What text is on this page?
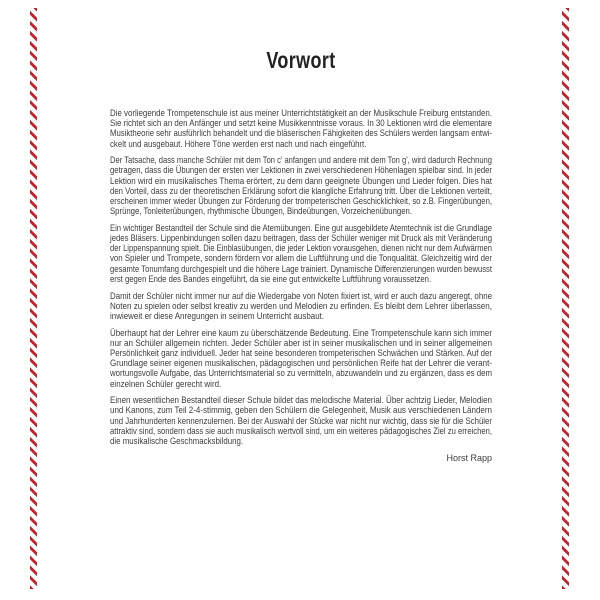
Vorwort
Die vorliegende Trompetenschule ist aus meiner Unterrichtstätigkeit an der Musikschule Freiburg entstanden.
Sie richtet sich an den Anfänger und setzt keine Musikkenntnisse voraus. In 30 Lektionen wird die elementare
Musiktheorie sehr ausführlich behandelt und die bläserischen Fähigkeiten des Schülers werden langsam entwi-
ckelt und ausgebaut. Höhere Töne werden erst nach und nach eingeführt.
Der Tatsache, dass manche Schüler mit dem Ton c' anfangen und andere mit dem Ton g', wird dadurch Rechnung
getragen, dass die Übungen der ersten vier Lektionen in zwei verschiedenen Höhenlagen spielbar sind. In jeder
Lektion wird ein musikalisches Thema erörtert, zu dem dann geeignete Übungen und Lieder folgen. Dies hat
den Vorteil, dass zu der theoretischen Erklärung sofort die klangliche Erfahrung tritt. Über die Lektionen verteilt,
erscheinen immer wieder Übungen zur Förderung der trompeterischen Geschicklichkeit, so z.B. Fingerübungen,
Sprünge, Tonleiterübungen, rhythmische Übungen, Bindeübungen, Vorzeichenübungen.
Ein wichtiger Bestandteil der Schule sind die Atemübungen. Eine gut ausgebildete Atemtechnik ist die Grundlage
jedes Bläsers. Lippenbindungen sollen dazu beitragen, dass der Schüler weniger mit Druck als mit Veränderung
der Lippenspannung spielt. Die Einblasübungen, die jeder Lektion vorausgehen, dienen nicht nur dem Aufwärmen
von Spieler und Trompete, sondern fördern vor allem die Luftführung und die Tonqualität. Gleichzeitig wird der
gesamte Tonumfang durchgespielt und die höhere Lage trainiert. Dynamische Differenzierungen wurden bewusst
erst gegen Ende des Bandes eingeführt, da sie eine gut entwickelte Luftführung voraussetzen.
Damit der Schüler nicht immer nur auf die Wiedergabe von Noten fixiert ist, wird er auch dazu angeregt, ohne
Noten zu spielen oder selbst kreativ zu werden und Melodien zu erfinden. Es bleibt dem Lehrer überlassen,
inwieweit er diese Anregungen in seinem Unterricht ausbaut.
Überhaupt hat der Lehrer eine kaum zu überschätzende Bedeutung. Eine Trompetenschule kann sich immer
nur an Schüler allgemein richten. Jeder Schüler aber ist in seiner musikalischen und in seiner allgemeinen
Persönlichkeit ganz individuell. Jeder hat seine besonderen trompeterischen Schwächen und Stärken. Auf der
Grundlage seiner eigenen musikalischen, pädagogischen und persönlichen Reife hat der Lehrer die verant-
wortungsvolle Aufgabe, das Unterrichtsmaterial so zu vermitteln, abzuwandeln und zu ergänzen, dass es dem
einzelnen Schüler gerecht wird.
Einen wesentlichen Bestandteil dieser Schule bildet das melodische Material. Über achtzig Lieder, Melodien
und Kanons, zum Teil 2-4-stimmig, geben den Schülern die Gelegenheit, Musik aus verschiedenen Ländern
und Jahrhunderten kennenzulernen. Bei der Auswahl der Stücke war nicht nur wichtig, dass sie für die Schüler
attraktiv sind, sondern dass sie auch musikalisch wertvoll sind, um ein weiteres pädagogisches Ziel zu erreichen,
die musikalische Geschmacksbildung.
Horst Rapp
